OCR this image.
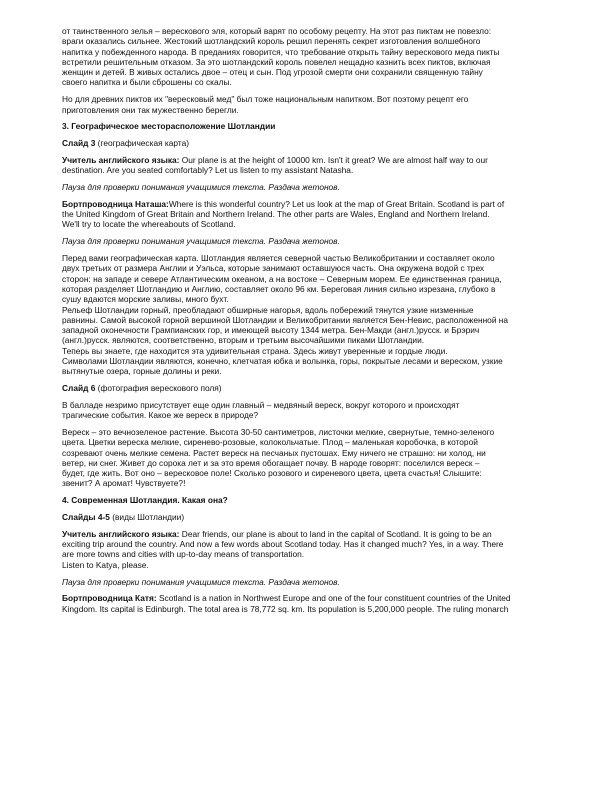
от таинственного зелья – верескового эля, который варят по особому рецепту. На этот раз пиктам не повезло:
враги оказались сильнее. Жестокий шотландский король решил перенять секрет изготовления волшебного
напитка у побежденного народа. В преданиях говорится, что требование открыть тайну верескового меда пикты
встретили решительным отказом. За это шотландский король повелел нещадно казнить всех пиктов, включая
женщин и детей. В живых остались двое – отец и сын. Под угрозой смерти они сохранили священную тайну
своего напитка и были сброшены со скалы.
Но для древних пиктов их "вересковый мед" был тоже национальным напитком. Вот поэтому рецепт его
приготовления они так мужественно берегли.
3. Географическое месторасположение Шотландии
Слайд 3 (географическая карта)
Учитель английского языка: Our plane is at the height of 10000 km. Isn't it great? We are almost half way to our
destination. Are you seated comfortably? Let us listen to my assistant Natasha.
Пауза для проверки понимания учащимися текста. Раздача жетонов.
Бортпроводница Наташа:Where is this wonderful country? Let us look at the map of Great Britain. Scotland is part of
the United Kingdom of Great Britain and Northern Ireland. The other parts are Wales, England and Northern Ireland.
We'll try to locate the whereabouts of Scotland.
Пауза для проверки понимания учащимися текста. Раздача жетонов.
Перед вами географическая карта. Шотландия является северной частью Великобритании и составляет около
двух третьих от размера Англии и Уэльса, которые занимают оставшуюся часть. Она окружена водой с трех
сторон: на западе и севере Атлантическим океаном, а на востоке – Северным морем. Ее единственная граница,
которая разделяет Шотландию и Англию, составляет около 96 км. Береговая линия сильно изрезана, глубоко в
сушу вдаются морские заливы, много бухт.
Рельеф Шотландии горный, преобладают обширные нагорья, вдоль побережий тянутся узкие низменные
равнины. Самой высокой горной вершиной Шотландии и Великобритании является Бен-Невис, расположенной на
западной оконечности Грампианских гор, и имеющей высоту 1344 метра. Бен-Макди (англ.)русск. и Брэрич
(англ.)русск. являются, соответственно, вторым и третьим высочайшими пиками Шотландии.
Теперь вы знаете, где находится эта удивительная страна. Здесь живут уверенные и гордые люди.
Символами Шотландии являются, конечно, клетчатая юбка и волынка, горы, покрытые лесами и вереском, узкие
вытянутые озера, горные долины и реки.
Слайд 6 (фотография верескового поля)
В балладе незримо присутствует еще один главный – медвяный вереск, вокруг которого и происходят
трагические события. Какое же вереск в природе?
Вереск – это вечнозеленое растение. Высота 30-50 сантиметров, листочки мелкие, свернутые, темно-зеленого
цвета. Цветки вереска мелкие, сиренево-розовые, колокольчатые. Плод – маленькая коробочка, в которой
созревают очень мелкие семена. Растет вереск на песчаных пустошах. Ему ничего не страшно: ни холод, ни
ветер, ни снег. Живет до сорока лет и за это время обогащает почву. В народе говорят: поселился вереск –
будет, где жить. Вот оно – вересковое поле! Сколько розового и сиреневого цвета, цвета счастья! Слышите:
звенит? А аромат! Чувствуете?!
4. Современная Шотландия. Какая она?
Слайды 4-5 (виды Шотландии)
Учитель английского языка: Dear friends, our plane is about to land in the capital of Scotland. It is going to be an
exciting trip around the country. And now a few words about Scotland today. Has it changed much? Yes, in a way. There
are more towns and cities with up-to-day means of transportation.
Listen to Katya, please.
Пауза для проверки понимания учащимися текста. Раздача жетонов.
Бортпроводница Катя: Scotland is a nation in Northwest Europe and one of the four constituent countries of the United
Kingdom. Its capital is Edinburgh. The total area is 78,772 sq. km. Its population is 5,200,000 people. The ruling monarch
